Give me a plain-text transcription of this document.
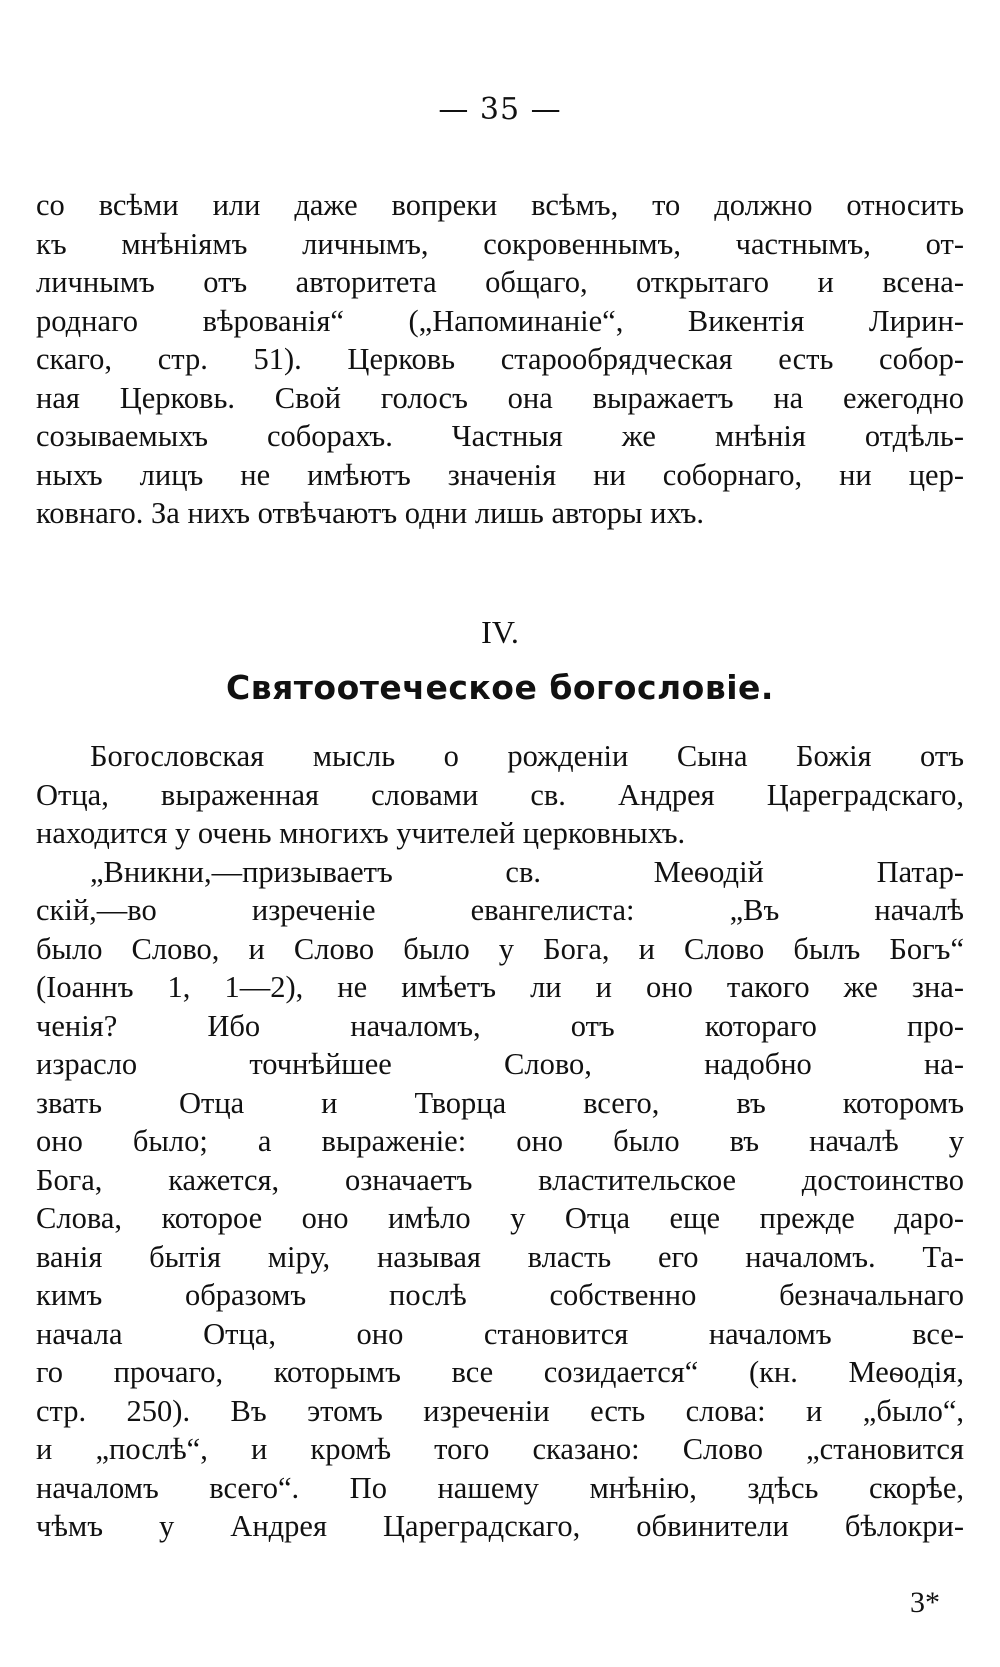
— 35 —
со всѣми или даже вопреки всѣмъ, то должно относить
къ мнѣніямъ личнымъ, сокровеннымъ, частнымъ, от-
личнымъ отъ авторитета общаго, открытаго и всена-
роднаго вѣрованія“ („Напоминаніе“, Викентія Лирин-
скаго, стр. 51). Церковь старообрядческая есть собор-
ная Церковь. Свой голосъ она выражаетъ на ежегодно
созываемыхъ соборахъ. Частныя же мнѣнія отдѣль-
ныхъ лицъ не имѣютъ значенія ни соборнаго, ни цер-
ковнаго. За нихъ отвѣчаютъ одни лишь авторы ихъ.
IV.
Святоотеческое богословіе.
Богословская мысль о рожденіи Сына Божія отъ
Отца, выраженная словами св. Андрея Цареградскаго,
находится у очень многихъ учителей церковныхъ.
„Вникни,—призываетъ св. Меѳодій Патар-
скій,—во изреченіе евангелиста: „Въ началѣ
было Слово, и Слово было у Бога, и Слово былъ Богъ“
(Іоаннъ 1, 1—2), не имѣетъ ли и оно такого же зна-
ченія? Ибо началомъ, отъ котораго про-
израсло точнѣйшее Слово, надобно на-
звать Отца и Творца всего, въ которомъ
оно было; а выраженіе: оно было въ началѣ у
Бога, кажется, означаетъ властительское достоинство
Слова, которое оно имѣло у Отца еще прежде даро-
ванія бытія міру, называя власть его началомъ. Та-
кимъ образомъ послѣ собственно безначальнаго
начала Отца, оно становится началомъ все-
го прочаго, которымъ все созидается“ (кн. Меѳодія,
стр. 250). Въ этомъ изреченіи есть слова: и „было“,
и „послѣ“, и кромѣ того сказано: Слово „становится
началомъ всего“. По нашему мнѣнію, здѣсь скорѣе,
чѣмъ у Андрея Цареградскаго, обвинители бѣлокри-
3*
